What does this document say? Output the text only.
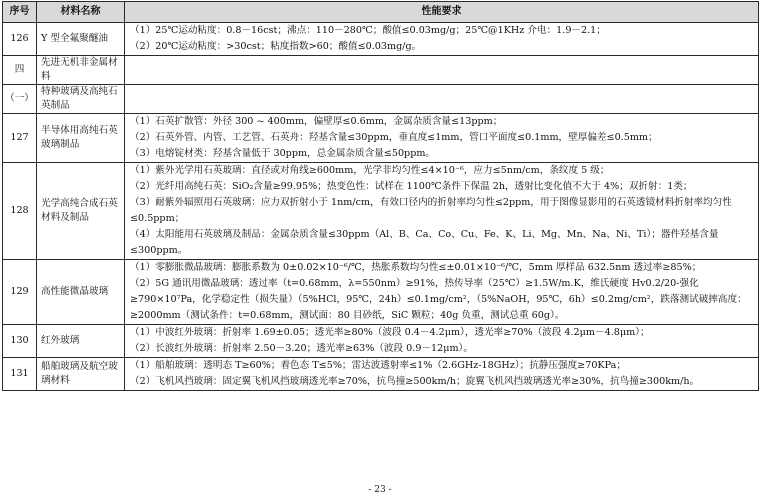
序号	材料名称	性能要求
126	Y 型全氟聚醚油	（1）25℃运动粘度：0.8－16cst；沸点：110－280℃；酸值≤0.03mg/g；25℃@1KHz 介电：1.9－2.1；
（2）20℃运动粘度：>30cst；粘度指数>60；酸值≤0.03mg/g。

四	先进无机非金属材料	
（一）	特种玻璃及高纯石英制品	
127	半导体用高纯石英玻璃制品	（1）石英扩散管：外径 300 ~ 400mm，偏壁厚≤0.6mm，金属杂质含量≤13ppm；
（2）石英外管、内管、工艺管、石英舟：羟基含量≤30ppm，垂直度≤1mm，管口平面度≤0.1mm，壁厚偏差≤0.5mm；
（3）电熔锭材类：羟基含量低于 30ppm，总金属杂质含量≤50ppm。

128	光学高纯合成石英材料及制品	（1）紫外光学用石英玻璃：直径或对角线≥600mm，光学非均匀性≤4×10⁻⁶，应力≤5nm/cm，条纹度 5 级；
（2）光纤用高纯石英：SiO₂含量≥99.95%；热变色性：试样在 1100℃条件下保温 2h，透射比变化值不大于 4%；双折射：1类；
（3）耐紫外辐照用石英玻璃：应力双折射小于 1nm/cm，有效口径内的折射率均匀性≤2ppm，用于图像显影用的石英透镜材料折射率均匀性≤0.5ppm；
（4）太阳能用石英玻璃及制品：金属杂质含量≤30ppm（Al、B、Ca、Co、Cu、Fe、K、Li、Mg、Mn、Na、Ni、Ti）；器件羟基含量≤300ppm。

129	高性能微晶玻璃	（1）零膨胀微晶玻璃：膨胀系数为 0±0.02×10⁻⁶/℃，热胀系数均匀性≤±0.01×10⁻⁶/℃，5mm 厚样品 632.5nm 透过率≥85%；
（2）5G 通讯用微晶玻璃：透过率（t=0.68mm，λ=550nm）≥91%，热传导率（25℃）≥1.5W/m.K，维氏硬度 Hv0.2/20-强化≥790×10⁷Pa，化学稳定性（损失量）（5%HCl，95℃，24h）≤0.1mg/cm²，（5%NaOH，95℃，6h）≤0.2mg/cm²，跌落测试破摔高度：≥2000mm（测试条件：t=0.68mm，测试面：80 目砂纸，SiC 颗粒；40g 负重，测试总重 60g）。

130	红外玻璃	（1）中波红外玻璃：折射率 1.69±0.05；透光率≥80%（波段 0.4－4.2μm），透光率≥70%（波段 4.2μm－4.8μm）；
（2）长波红外玻璃：折射率 2.50－3.20；透光率≥63%（波段 0.9－12μm）。

131	船舶玻璃及航空玻璃材料	（1）船舶玻璃：透明态 T≥60%；着色态 T≤5%；雷达波透射率≤1%（2.6GHz-18GHz）；抗静压强度≥70KPa；
（2）飞机风挡玻璃：固定翼飞机风挡玻璃透光率≥70%，抗鸟撞≥500km/h；旋翼飞机风挡玻璃透光率≥30%，抗鸟撞≥300km/h。
- 23 -
